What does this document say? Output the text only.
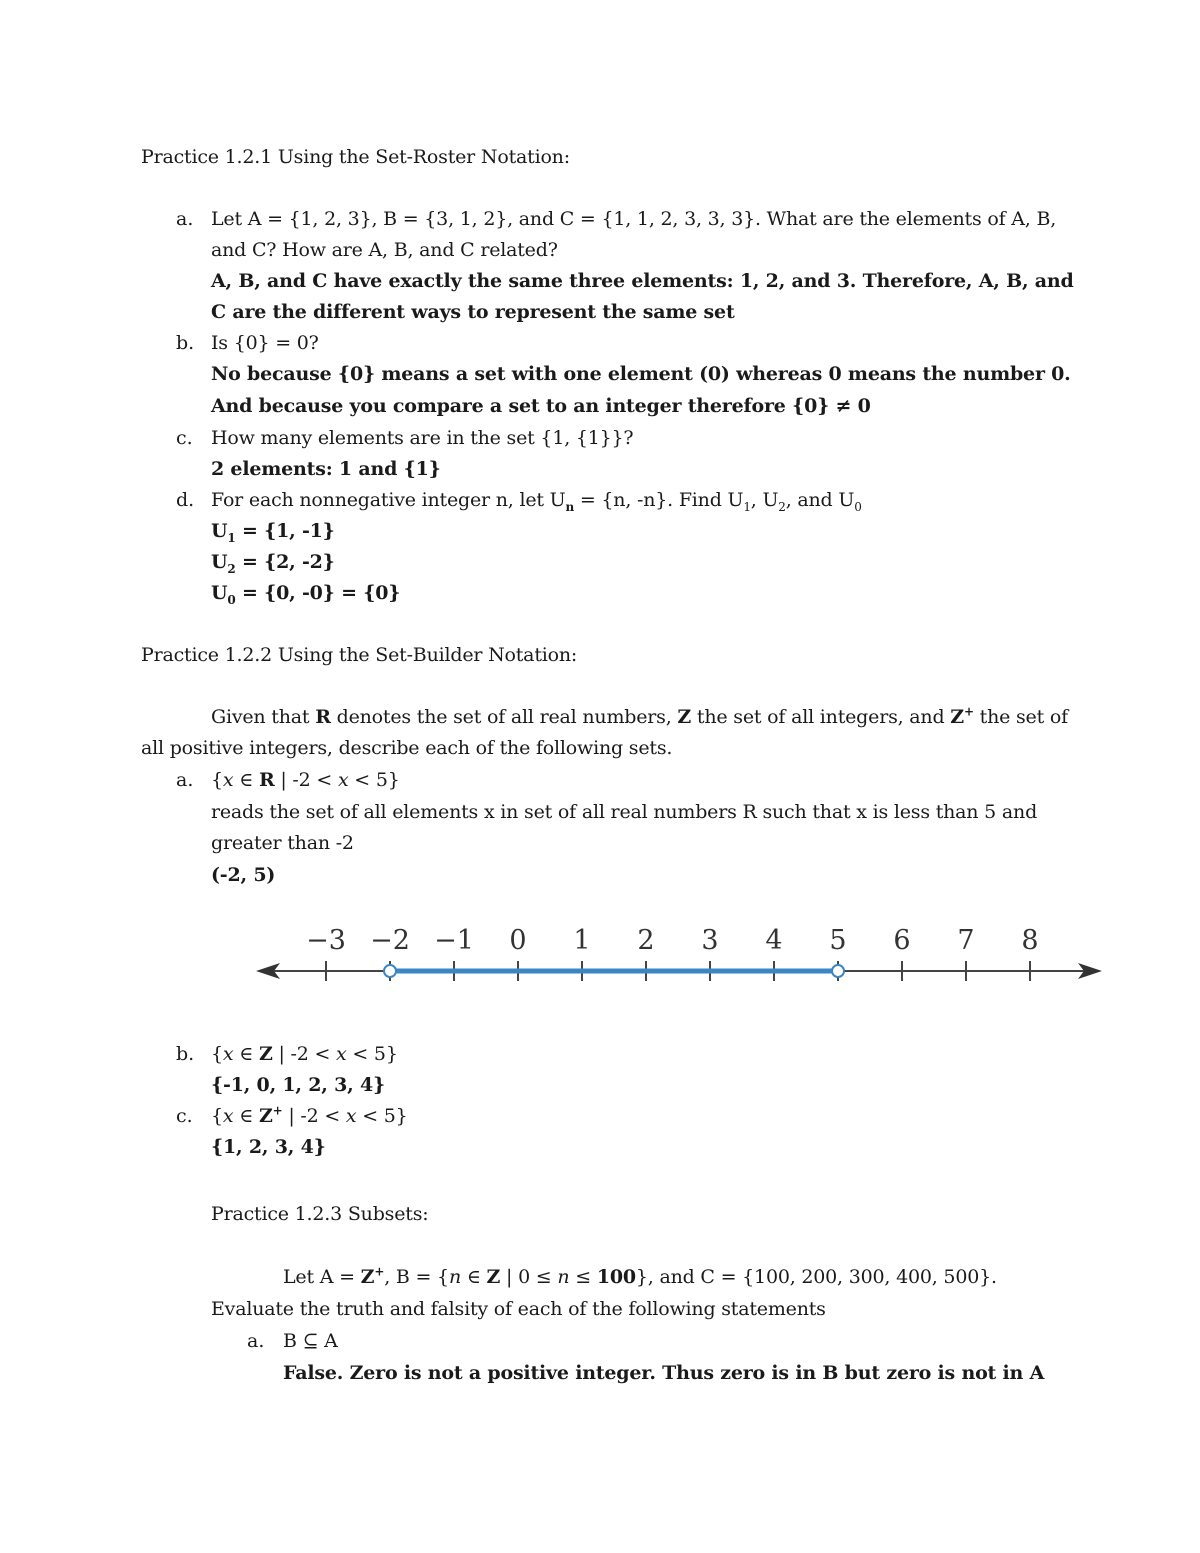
Practice 1.2.1 Using the Set-Roster Notation:
a. Let A = {1, 2, 3}, B = {3, 1, 2}, and C = {1, 1, 2, 3, 3, 3}. What are the elements of A, B,
and C? How are A, B, and C related?
A, B, and C have exactly the same three elements: 1, 2, and 3. Therefore, A, B, and
C are the different ways to represent the same set
b. Is {0} = 0?
No because {0} means a set with one element (0) whereas 0 means the number 0.
And because you compare a set to an integer therefore {0} ≠ 0
c. How many elements are in the set {1, {1}}?
2 elements: 1 and {1}
d. For each nonnegative integer n, let $U_n = \{n$, -n}. Find $U_1$, $U_2$, and $U_0$
$U_1 = \{1$, -1}
$U_2 = \{2$, -2}
$U_0 = \{0$, -0} = {0}
Practice 1.2.2 Using the Set-Builder Notation:
Given that R denotes the set of all real numbers, Z the set of all integers, and Z+ the set of
all positive integers, describe each of the following sets.
a. {x ∈ R | -2 < x < 5}
reads the set of all elements x in set of all real numbers R such that x is less than 5 and
greater than -2
(-2, 5)
−3 −2 −1 0 1 2 3 4 5 6 7 8
b. {x ∈ Z | -2 < x < 5}
{-1, 0, 1, 2, 3, 4}
c. {x ∈ Z+ | -2 < x < 5}
{1, 2, 3, 4}
Practice 1.2.3 Subsets:
Let A = Z+, B = {n ∈ Z | 0 ≤ n ≤ 100}, and C = {100, 200, 300, 400, 500}.
Evaluate the truth and falsity of each of the following statements
a. B ⊆ A
False. Zero is not a positive integer. Thus zero is in B but zero is not in A
